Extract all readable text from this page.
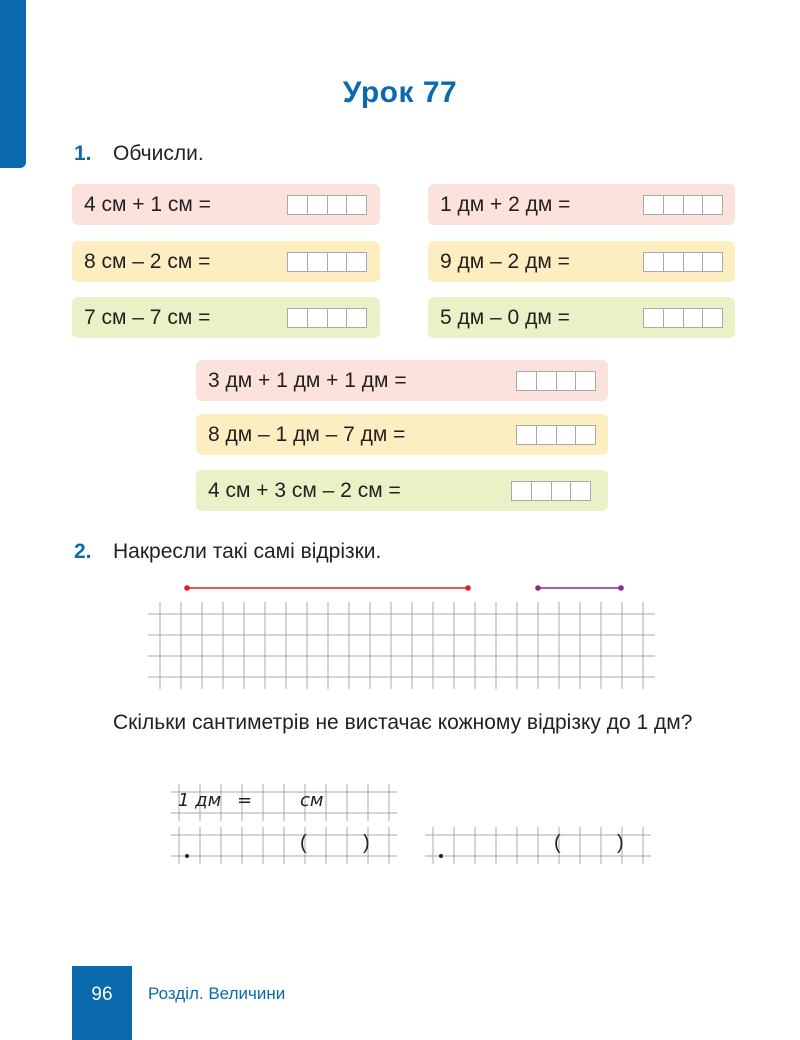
Урок 77
1. Обчисли.
4 см + 1 см =	1 дм + 2 дм =
8 см – 2 см =	9 дм – 2 дм =
7 см – 7 см =	5 дм – 0 дм =
3 дм + 1 дм + 1 дм =
8 дм – 1 дм – 7 дм =
4 см + 3 см – 2 см =
2. Накресли такі самі відрізки.
Скільки сантиметрів не вистачає кожному відрізку до 1 дм?
1 дм =	см
(	)	(	)
96	Розділ. Величини
